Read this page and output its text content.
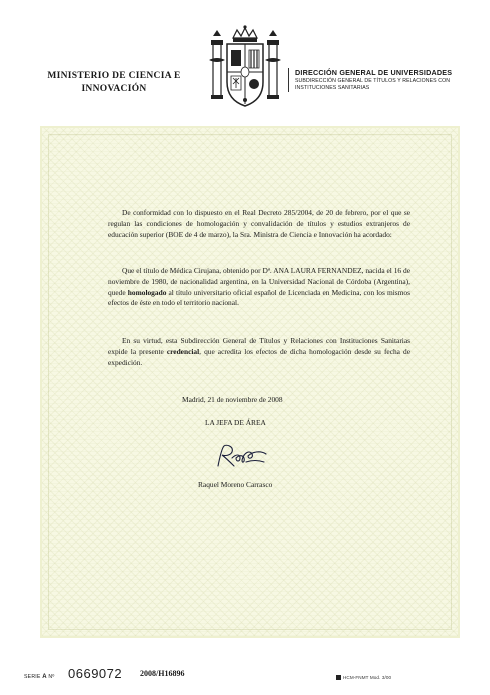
MINISTERIO DE CIENCIA E
INNOVACIÓN
DIRECCIÓN GENERAL DE UNIVERSIDADES
SUBDIRECCIÓN GENERAL DE TÍTULOS Y RELACIONES CON
INSTITUCIONES SANITARIAS
De conformidad con lo dispuesto en el Real Decreto 285/2004, de 20 de febrero, por el que se regulan las condiciones de homologación y convalidación de títulos y estudios extranjeros de educación superior (BOE de 4 de marzo), la Sra. Ministra de Ciencia e Innovación ha acordado:
Que el título de Médica Cirujana, obtenido por Dª. ANA LAURA FERNANDEZ, nacida el 16 de noviembre de 1980, de nacionalidad argentina, en la Universidad Nacional de Córdoba (Argentina), quede homologado al título universitario oficial español de Licenciada en Medicina, con los mismos efectos de éste en todo el territorio nacional.
En su virtud, esta Subdirección General de Títulos y Relaciones con Instituciones Sanitarias expide la presente credencial, que acredita los efectos de dicha homologación desde su fecha de expedición.
Madrid, 21 de noviembre de 2008
LA JEFA DE ÁREA
Raquel Moreno Carrasco
SERIE A Nº 0669072 2008/H16896	HCM-FNMT Mod. 3/00
